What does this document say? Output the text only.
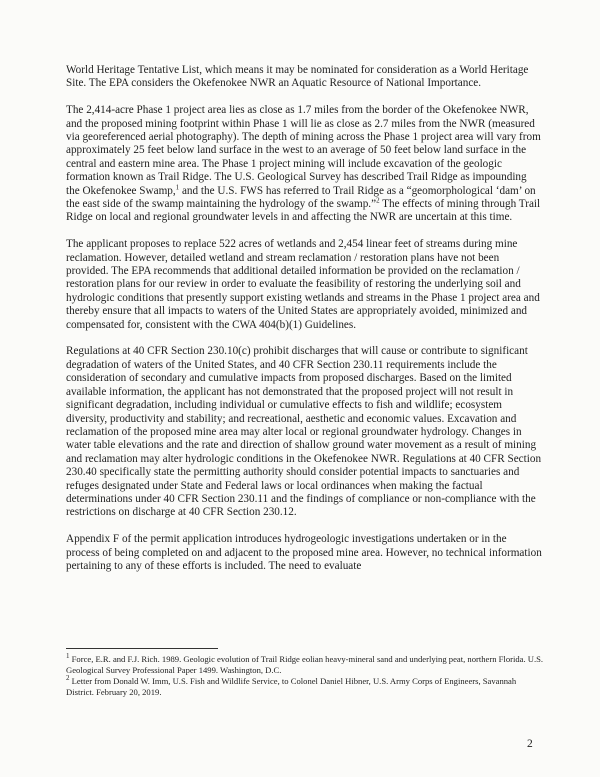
World Heritage Tentative List, which means it may be nominated for consideration as a World Heritage Site. The EPA considers the Okefenokee NWR an Aquatic Resource of National Importance.

The 2,414-acre Phase 1 project area lies as close as 1.7 miles from the border of the Okefenokee NWR, and the proposed mining footprint within Phase 1 will lie as close as 2.7 miles from the NWR (measured via georeferenced aerial photography). The depth of mining across the Phase 1 project area will vary from approximately 25 feet below land surface in the west to an average of 50 feet below land surface in the central and eastern mine area. The Phase 1 project mining will include excavation of the geologic formation known as Trail Ridge. The U.S. Geological Survey has described Trail Ridge as impounding the Okefenokee Swamp,$^1$ and the U.S. FWS has referred to Trail Ridge as a “geomorphological ‘dam’ on the east side of the swamp maintaining the hydrology of the swamp.”$^2$ The effects of mining through Trail Ridge on local and regional groundwater levels in and affecting the NWR are uncertain at this time.

The applicant proposes to replace 522 acres of wetlands and 2,454 linear feet of streams during mine reclamation. However, detailed wetland and stream reclamation / restoration plans have not been provided. The EPA recommends that additional detailed information be provided on the reclamation / restoration plans for our review in order to evaluate the feasibility of restoring the underlying soil and hydrologic conditions that presently support existing wetlands and streams in the Phase 1 project area and thereby ensure that all impacts to waters of the United States are appropriately avoided, minimized and compensated for, consistent with the CWA 404(b)(1) Guidelines.

Regulations at 40 CFR Section 230.10(c) prohibit discharges that will cause or contribute to significant degradation of waters of the United States, and 40 CFR Section 230.11 requirements include the consideration of secondary and cumulative impacts from proposed discharges. Based on the limited available information, the applicant has not demonstrated that the proposed project will not result in significant degradation, including individual or cumulative effects to fish and wildlife; ecosystem diversity, productivity and stability; and recreational, aesthetic and economic values. Excavation and reclamation of the proposed mine area may alter local or regional groundwater hydrology. Changes in water table elevations and the rate and direction of shallow ground water movement as a result of mining and reclamation may alter hydrologic conditions in the Okefenokee NWR. Regulations at 40 CFR Section 230.40 specifically state the permitting authority should consider potential impacts to sanctuaries and refuges designated under State and Federal laws or local ordinances when making the factual determinations under 40 CFR Section 230.11 and the findings of compliance or non-compliance with the restrictions on discharge at 40 CFR Section 230.12.

Appendix F of the permit application introduces hydrogeologic investigations undertaken or in the process of being completed on and adjacent to the proposed mine area. However, no technical information pertaining to any of these efforts is included. The need to evaluate

$^1$ Force, E.R. and F.J. Rich. 1989. Geologic evolution of Trail Ridge eolian heavy-mineral sand and underlying peat, northern Florida. U.S. Geological Survey Professional Paper 1499. Washington, D.C.

$^2$ Letter from Donald W. Imm, U.S. Fish and Wildlife Service, to Colonel Daniel Hibner, U.S. Army Corps of Engineers, Savannah District. February 20, 2019.

2
